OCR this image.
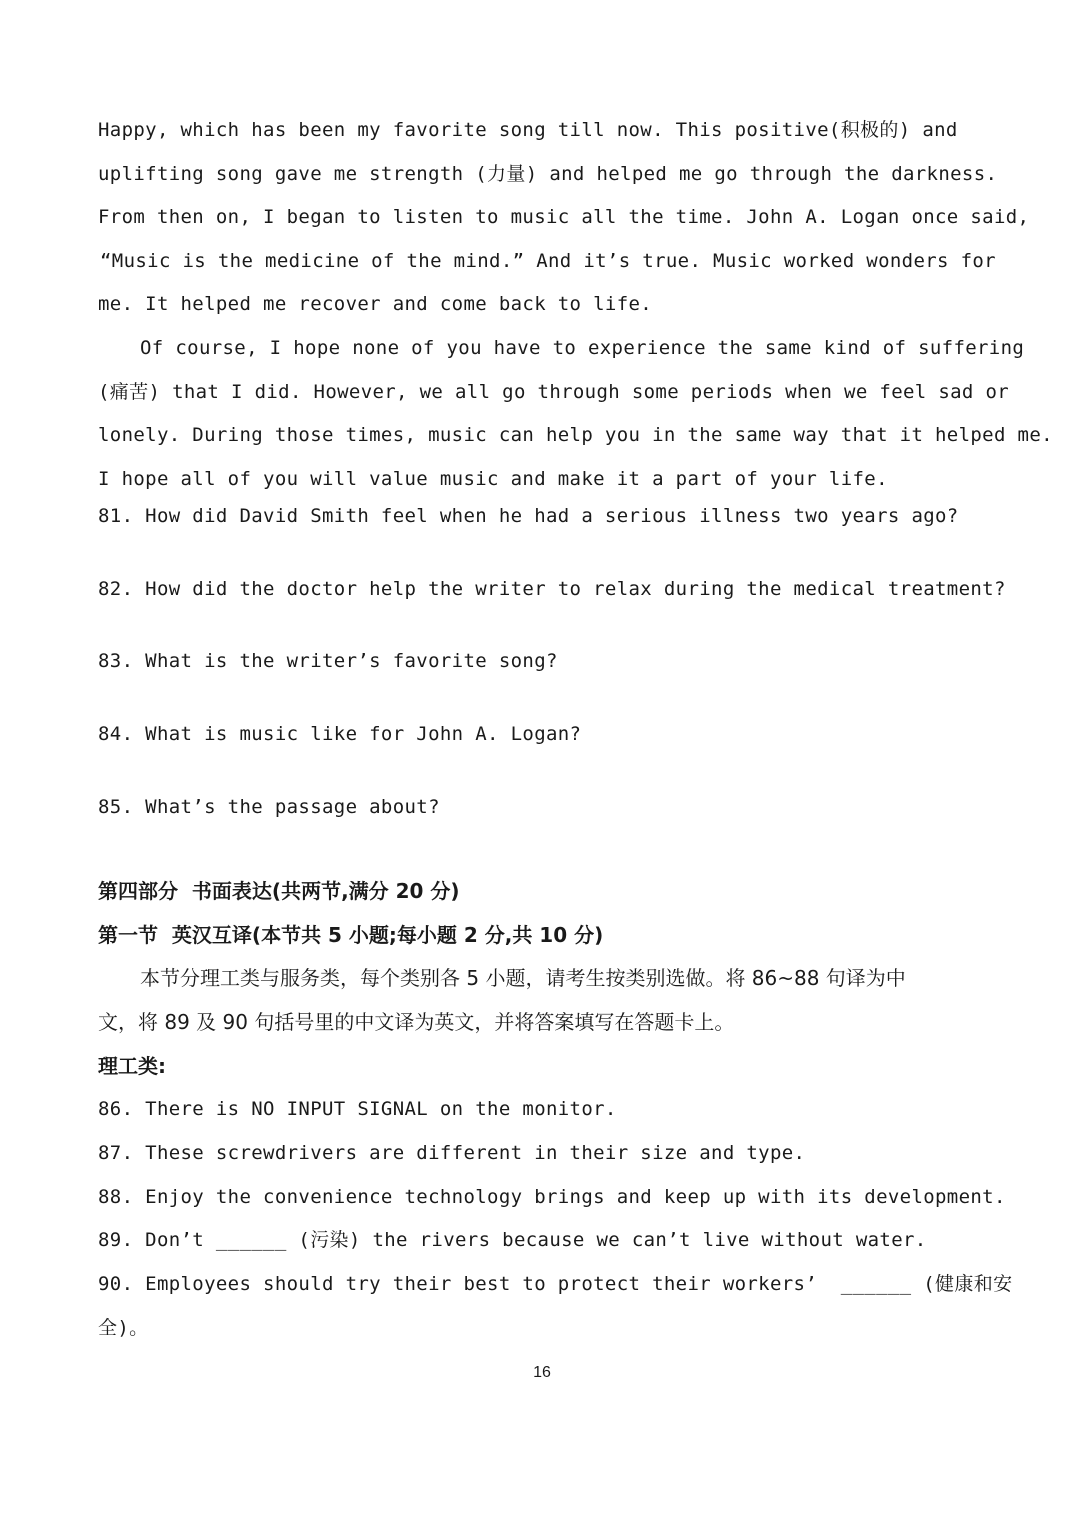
Happy, which has been my favorite song till now. This positive(积极的) and
uplifting song gave me strength (力量) and helped me go through the darkness.
From then on, I began to listen to music all the time. John A. Logan once said,
“Music is the medicine of the mind.” And it’s true. Music worked wonders for
me. It helped me recover and come back to life.
Of course, I hope none of you have to experience the same kind of suffering
(痛苦) that I did. However, we all go through some periods when we feel sad or
lonely. During those times, music can help you in the same way that it helped me.
I hope all of you will value music and make it a part of your life.
81. How did David Smith feel when he had a serious illness two years ago?
82. How did the doctor help the writer to relax during the medical treatment?
83. What is the writer’s favorite song?
84. What is music like for John A. Logan?
85. What’s the passage about?
第四部分  书面表达(共两节,满分 20 分)
第一节  英汉互译(本节共 5 小题;每小题 2 分,共 10 分)
本节分理工类与服务类，每个类别各 5 小题，请考生按类别选做。将 86~88 句译为中
文，将 89 及 90 句括号里的中文译为英文，并将答案填写在答题卡上。
理工类:
86. There is NO INPUT SIGNAL on the monitor.
87. These screwdrivers are different in their size and type.
88. Enjoy the convenience technology brings and keep up with its development.
89. Don’t ______ (污染) the rivers because we can’t live without water.
90. Employees should try their best to protect their workers’  ______ (健康和安
全)。
16
